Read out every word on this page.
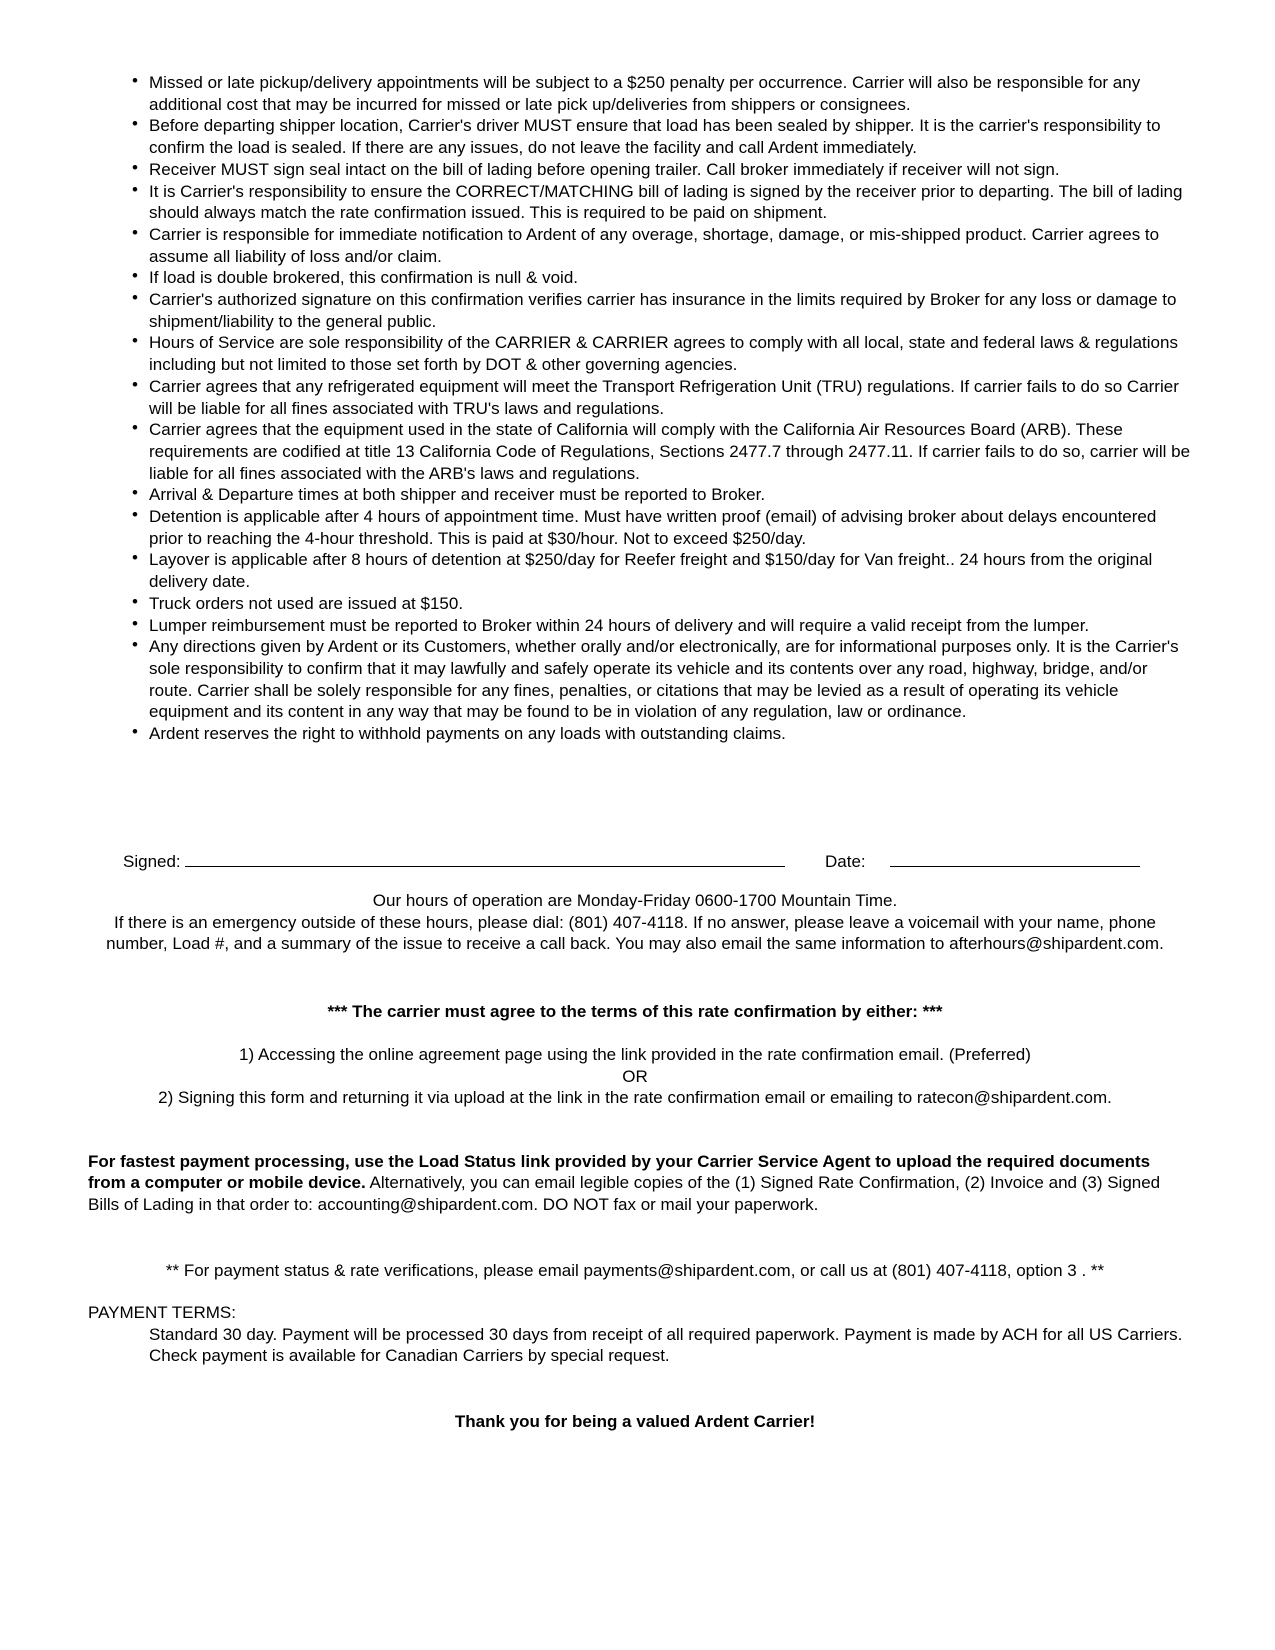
• Missed or late pickup/delivery appointments will be subject to a $250 penalty per occurrence. Carrier will also be responsible for any additional cost that may be incurred for missed or late pick up/deliveries from shippers or consignees.
• Before departing shipper location, Carrier's driver MUST ensure that load has been sealed by shipper. It is the carrier's responsibility to confirm the load is sealed. If there are any issues, do not leave the facility and call Ardent immediately.
• Receiver MUST sign seal intact on the bill of lading before opening trailer. Call broker immediately if receiver will not sign.
• It is Carrier's responsibility to ensure the CORRECT/MATCHING bill of lading is signed by the receiver prior to departing. The bill of lading should always match the rate confirmation issued. This is required to be paid on shipment.
• Carrier is responsible for immediate notification to Ardent of any overage, shortage, damage, or mis-shipped product. Carrier agrees to assume all liability of loss and/or claim.
• If load is double brokered, this confirmation is null & void.
• Carrier's authorized signature on this confirmation verifies carrier has insurance in the limits required by Broker for any loss or damage to shipment/liability to the general public.
• Hours of Service are sole responsibility of the CARRIER & CARRIER agrees to comply with all local, state and federal laws & regulations including but not limited to those set forth by DOT & other governing agencies.
• Carrier agrees that any refrigerated equipment will meet the Transport Refrigeration Unit (TRU) regulations. If carrier fails to do so Carrier will be liable for all fines associated with TRU's laws and regulations.
• Carrier agrees that the equipment used in the state of California will comply with the California Air Resources Board (ARB). These requirements are codified at title 13 California Code of Regulations, Sections 2477.7 through 2477.11. If carrier fails to do so, carrier will be liable for all fines associated with the ARB's laws and regulations.
• Arrival & Departure times at both shipper and receiver must be reported to Broker.
• Detention is applicable after 4 hours of appointment time. Must have written proof (email) of advising broker about delays encountered prior to reaching the 4-hour threshold. This is paid at $30/hour. Not to exceed $250/day.
• Layover is applicable after 8 hours of detention at $250/day for Reefer freight and $150/day for Van freight.. 24 hours from the original delivery date.
• Truck orders not used are issued at $150.
• Lumper reimbursement must be reported to Broker within 24 hours of delivery and will require a valid receipt from the lumper.
• Any directions given by Ardent or its Customers, whether orally and/or electronically, are for informational purposes only. It is the Carrier's sole responsibility to confirm that it may lawfully and safely operate its vehicle and its contents over any road, highway, bridge, and/or route. Carrier shall be solely responsible for any fines, penalties, or citations that may be levied as a result of operating its vehicle equipment and its content in any way that may be found to be in violation of any regulation, law or ordinance.
• Ardent reserves the right to withhold payments on any loads with outstanding claims.
Signed:	Date:
Our hours of operation are Monday-Friday 0600-1700 Mountain Time.
If there is an emergency outside of these hours, please dial: (801) 407-4118. If no answer, please leave a voicemail with your name, phone number, Load #, and a summary of the issue to receive a call back. You may also email the same information to afterhours@shipardent.com.
*** The carrier must agree to the terms of this rate confirmation by either: ***
1) Accessing the online agreement page using the link provided in the rate confirmation email. (Preferred)
OR
2) Signing this form and returning it via upload at the link in the rate confirmation email or emailing to ratecon@shipardent.com.
For fastest payment processing, use the Load Status link provided by your Carrier Service Agent to upload the required documents from a computer or mobile device. Alternatively, you can email legible copies of the (1) Signed Rate Confirmation, (2) Invoice and (3) Signed Bills of Lading in that order to: accounting@shipardent.com. DO NOT fax or mail your paperwork.
** For payment status & rate verifications, please email payments@shipardent.com, or call us at (801) 407-4118, option 3 . **
PAYMENT TERMS:
Standard 30 day. Payment will be processed 30 days from receipt of all required paperwork. Payment is made by ACH for all US Carriers. Check payment is available for Canadian Carriers by special request.
Thank you for being a valued Ardent Carrier!
